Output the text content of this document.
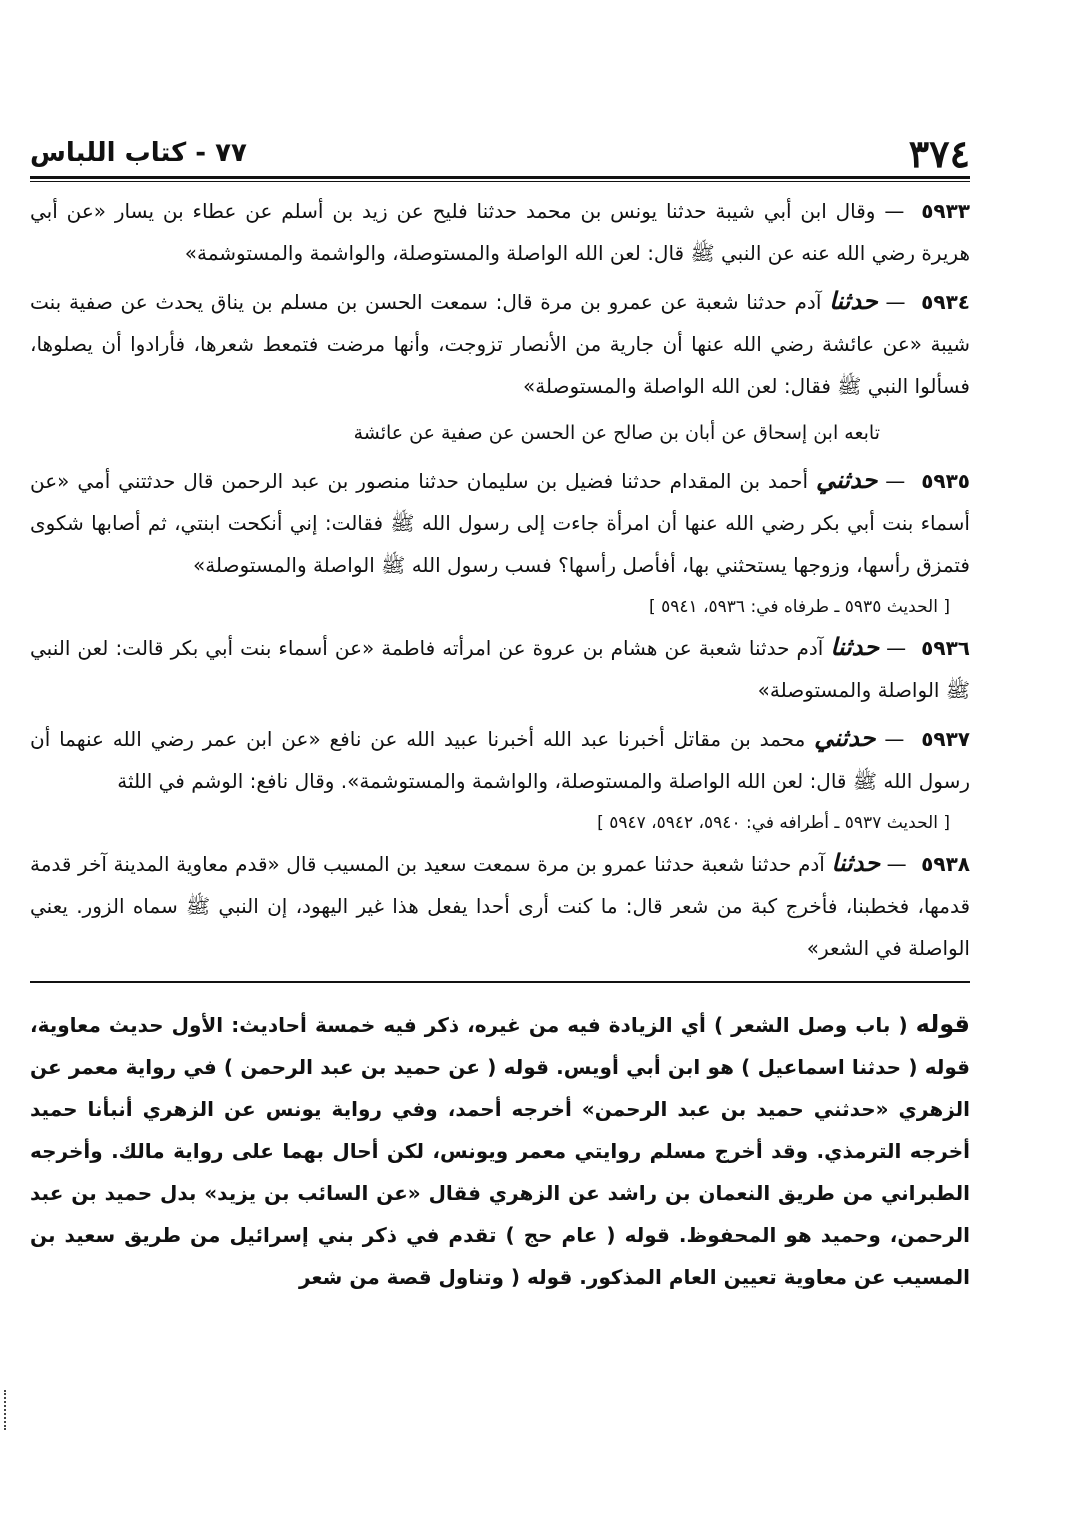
٣٧٤
٧٧ - كتاب اللباس

٥٩٣٣ — وقال ابن أبي شيبة حدثنا يونس بن محمد حدثنا فليح عن زيد بن أسلم عن عطاء بن يسار «عن أبي هريرة رضي الله عنه عن النبي ﷺ قال: لعن الله الواصلة والمستوصلة، والواشمة والمستوشمة»

٥٩٣٤ — حدثنا آدم حدثنا شعبة عن عمرو بن مرة قال: سمعت الحسن بن مسلم بن يناق يحدث عن صفية بنت شيبة «عن عائشة رضي الله عنها أن جارية من الأنصار تزوجت، وأنها مرضت فتمعط شعرها، فأرادوا أن يصلوها، فسألوا النبي ﷺ فقال: لعن الله الواصلة والمستوصلة»

تابعه ابن إسحاق عن أبان بن صالح عن الحسن عن صفية عن عائشة

٥٩٣٥ — حدثني أحمد بن المقدام حدثنا فضيل بن سليمان حدثنا منصور بن عبد الرحمن قال حدثتني أمي «عن أسماء بنت أبي بكر رضي الله عنها أن امرأة جاءت إلى رسول الله ﷺ فقالت: إني أنكحت ابنتي، ثم أصابها شكوى فتمزق رأسها، وزوجها يستحثني بها، أفأصل رأسها؟ فسب رسول الله ﷺ الواصلة والمستوصلة»

[ الحديث ٥٩٣٥ ـ طرفاه في: ٥٩٣٦، ٥٩٤١ ]

٥٩٣٦ — حدثنا آدم حدثنا شعبة عن هشام بن عروة عن امرأته فاطمة «عن أسماء بنت أبي بكر قالت: لعن النبي ﷺ الواصلة والمستوصلة»

٥٩٣٧ — حدثني محمد بن مقاتل أخبرنا عبد الله أخبرنا عبيد الله عن نافع «عن ابن عمر رضي الله عنهما أن رسول الله ﷺ قال: لعن الله الواصلة والمستوصلة، والواشمة والمستوشمة». وقال نافع: الوشم في اللثة

[ الحديث ٥٩٣٧ ـ أطرافه في: ٥٩٤٠، ٥٩٤٢، ٥٩٤٧ ]

٥٩٣٨ — حدثنا آدم حدثنا شعبة حدثنا عمرو بن مرة سمعت سعيد بن المسيب قال «قدم معاوية المدينة آخر قدمة قدمها، فخطبنا، فأخرج كبة من شعر قال: ما كنت أرى أحدا يفعل هذا غير اليهود، إن النبي ﷺ سماه الزور. يعني الواصلة في الشعر»

قوله ( باب وصل الشعر ) أي الزيادة فيه من غيره، ذكر فيه خمسة أحاديث: الأول حديث معاوية، قوله ( حدثنا اسماعيل ) هو ابن أبي أويس. قوله ( عن حميد بن عبد الرحمن ) في رواية معمر عن الزهري «حدثني حميد بن عبد الرحمن» أخرجه أحمد، وفي رواية يونس عن الزهري أنبأنا حميد أخرجه الترمذي. وقد أخرج مسلم روايتي معمر ويونس، لكن أحال بهما على رواية مالك. وأخرجه الطبراني من طريق النعمان بن راشد عن الزهري فقال «عن السائب بن يزيد» بدل حميد بن عبد الرحمن، وحميد هو المحفوظ. قوله ( عام حج ) تقدم في ذكر بني إسرائيل من طريق سعيد بن المسيب عن معاوية تعيين العام المذكور. قوله ( وتناول قصة من شعر
